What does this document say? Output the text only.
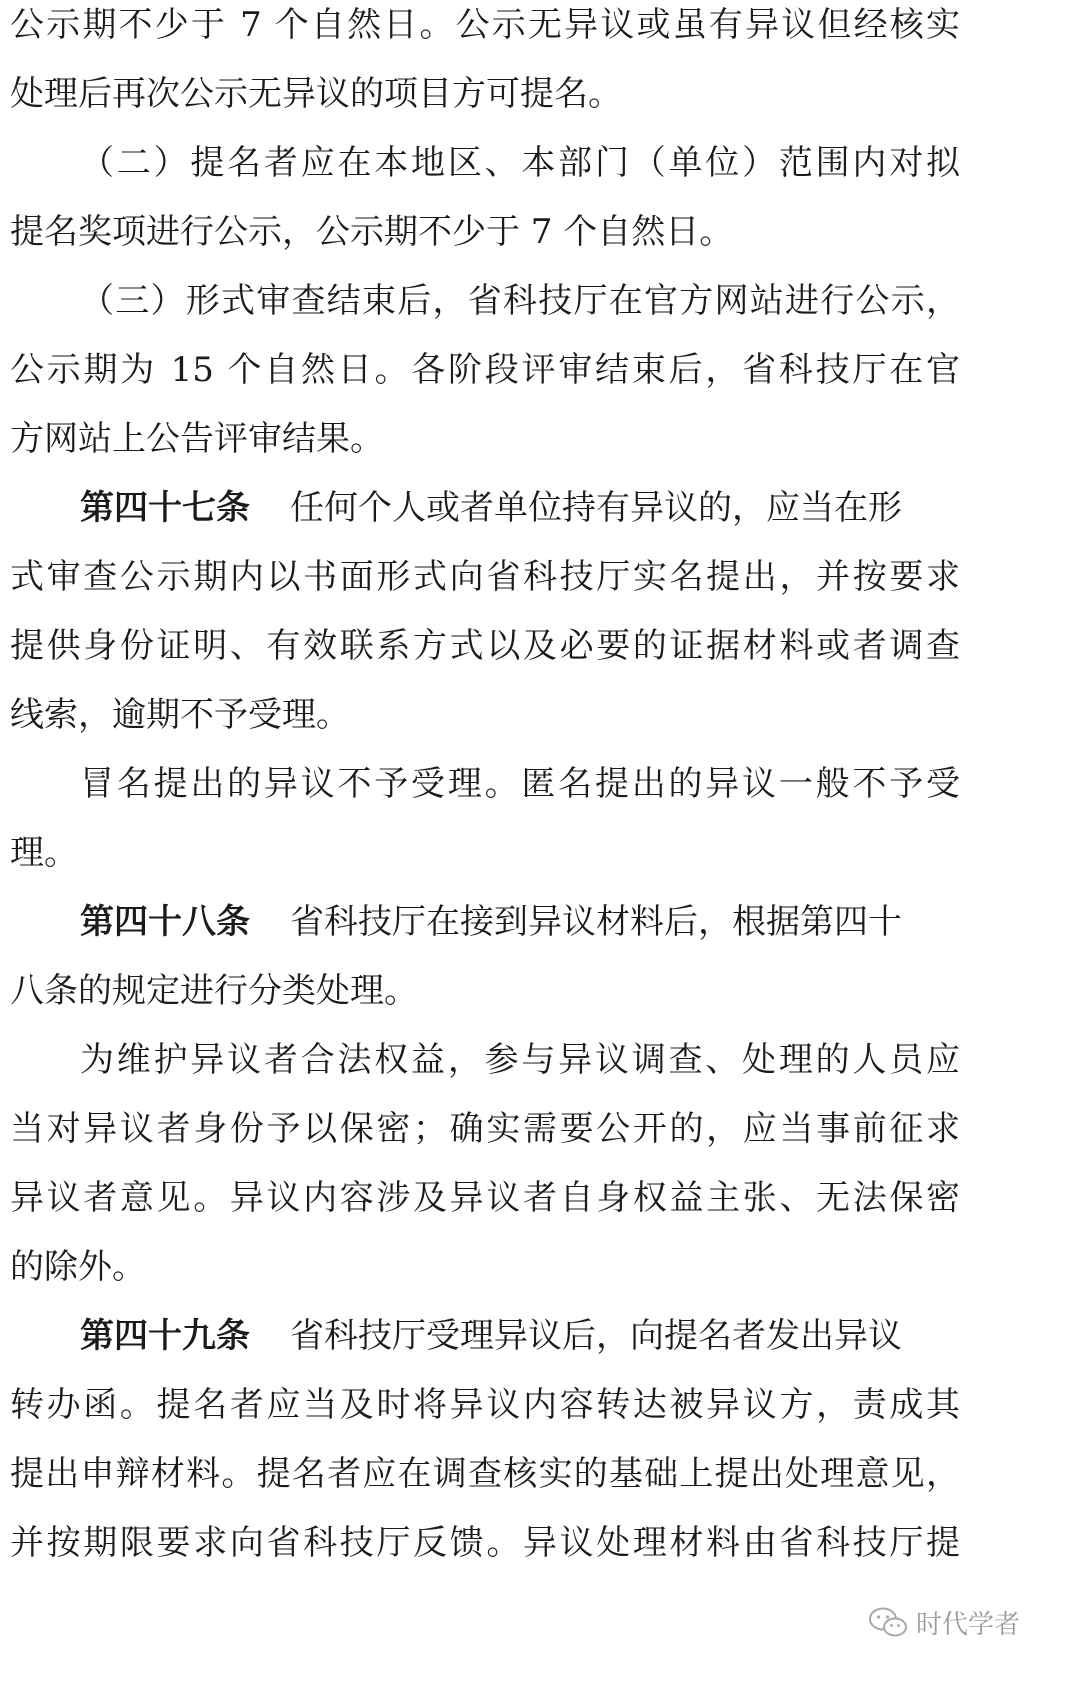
公示期不少于 7 个自然日。公示无异议或虽有异议但经核实
处理后再次公示无异议的项目方可提名。
（二）提名者应在本地区、本部门（单位）范围内对拟
提名奖项进行公示，公示期不少于 7 个自然日。
（三）形式审查结束后，省科技厅在官方网站进行公示，
公示期为 15 个自然日。各阶段评审结束后，省科技厅在官
方网站上公告评审结果。
第四十七条 任何个人或者单位持有异议的，应当在形
式审查公示期内以书面形式向省科技厅实名提出，并按要求
提供身份证明、有效联系方式以及必要的证据材料或者调查
线索，逾期不予受理。
冒名提出的异议不予受理。匿名提出的异议一般不予受
理。
第四十八条 省科技厅在接到异议材料后，根据第四十
八条的规定进行分类处理。
为维护异议者合法权益，参与异议调查、处理的人员应
当对异议者身份予以保密；确实需要公开的，应当事前征求
异议者意见。异议内容涉及异议者自身权益主张、无法保密
的除外。
第四十九条 省科技厅受理异议后，向提名者发出异议
转办函。提名者应当及时将异议内容转达被异议方，责成其
提出申辩材料。提名者应在调查核实的基础上提出处理意见，
并按期限要求向省科技厅反馈。异议处理材料由省科技厅提
时代学者
